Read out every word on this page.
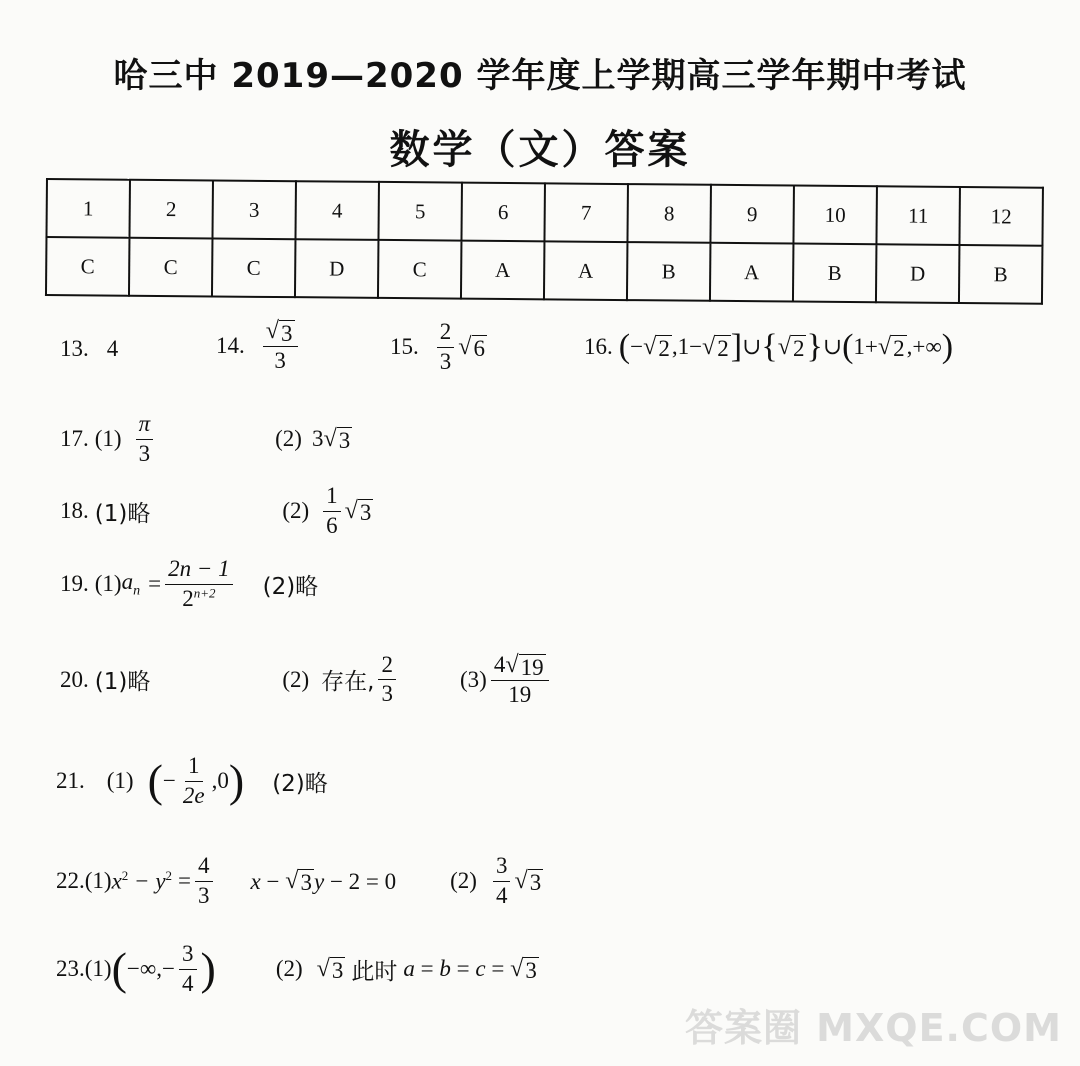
哈三中 2019—2020 学年度上学期高三学年期中考试
数学（文）答案
1	2	3	4	5	6	7	8	9	10	11	12
C	C	C	D	C	A	A	B	A	B	D	B
13. 4	14. $\frac{√ 3}{3}$	15. $\frac{2}{3}$ √ 6	16. ( − √ 2 ,1− √ 2 ] ∪ { √ 2 } ∪ ( 1+ √ 2 ,+∞ )
17. $(1) \frac{\pi}{3}$	(2) 3 √ 3
18. (1)略	$(2) \frac{1}{6}$ √ 3
19. (1) $a_n = \frac{2n - 1}{2^{n+2}} (2)$略
20. (1)略	(2) 存在, $\frac{2}{3}$	$(3) \frac{4 √ 19}{19}$
21. (1) ( − $\frac{1}{2e} ,0$ ) (2)略
22. (1) $x^2 - y^2 = \frac{4}{3}$ x − √ 3 y − 2 = 0 $(2) \frac{3}{4}$ √ 3
23. (1) ( −∞,− $\frac{3}{4}$ )	(2) √ 3 此时 a = b = c = √ 3
答案圈 MXQE.COM
